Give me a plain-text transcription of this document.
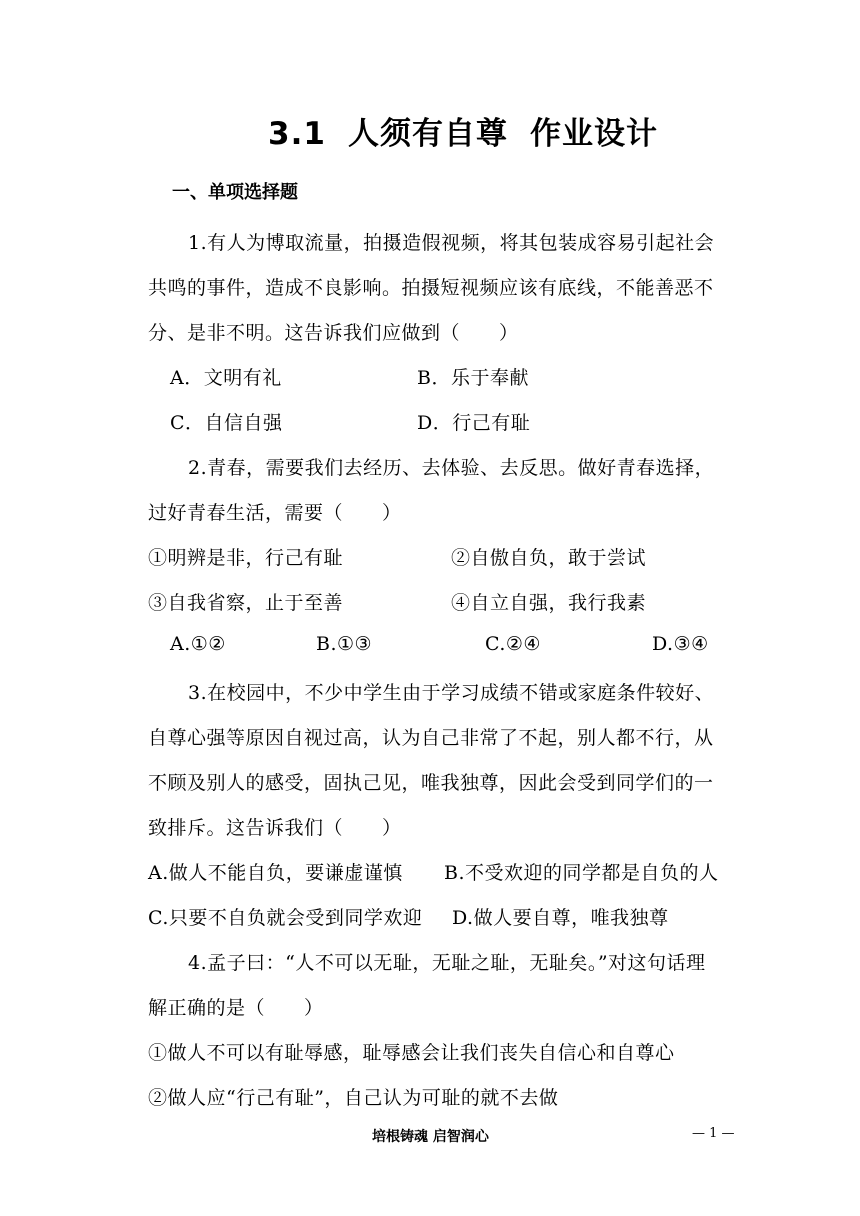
3.1 人须有自尊 作业设计
一、单项选择题
1.有人为博取流量，拍摄造假视频，将其包装成容易引起社会
共鸣的事件，造成不良影响。拍摄短视频应该有底线，不能善恶不
分、是非不明。这告诉我们应做到（　　）
A．文明有礼	B．乐于奉献
C．自信自强	D．行己有耻
2.青春，需要我们去经历、去体验、去反思。做好青春选择，
过好青春生活，需要（　　）
①明辨是非，行己有耻	②自傲自负，敢于尝试
③自我省察，止于至善	④自立自强，我行我素
A.①②	B.①③	C.②④	D.③④
3.在校园中，不少中学生由于学习成绩不错或家庭条件较好、
自尊心强等原因自视过高，认为自己非常了不起，别人都不行，从
不顾及别人的感受，固执己见，唯我独尊，因此会受到同学们的一
致排斥。这告诉我们（　　）
A.做人不能自负，要谦虚谨慎 B.不受欢迎的同学都是自负的人
C.只要不自负就会受到同学欢迎 D.做人要自尊，唯我独尊
4.孟子曰：“人不可以无耻，无耻之耻，无耻矣。”对这句话理
解正确的是（　　）
①做人不可以有耻辱感，耻辱感会让我们丧失自信心和自尊心
②做人应“行己有耻”，自己认为可耻的就不去做
培根铸魂 启智润心	— 1 —
